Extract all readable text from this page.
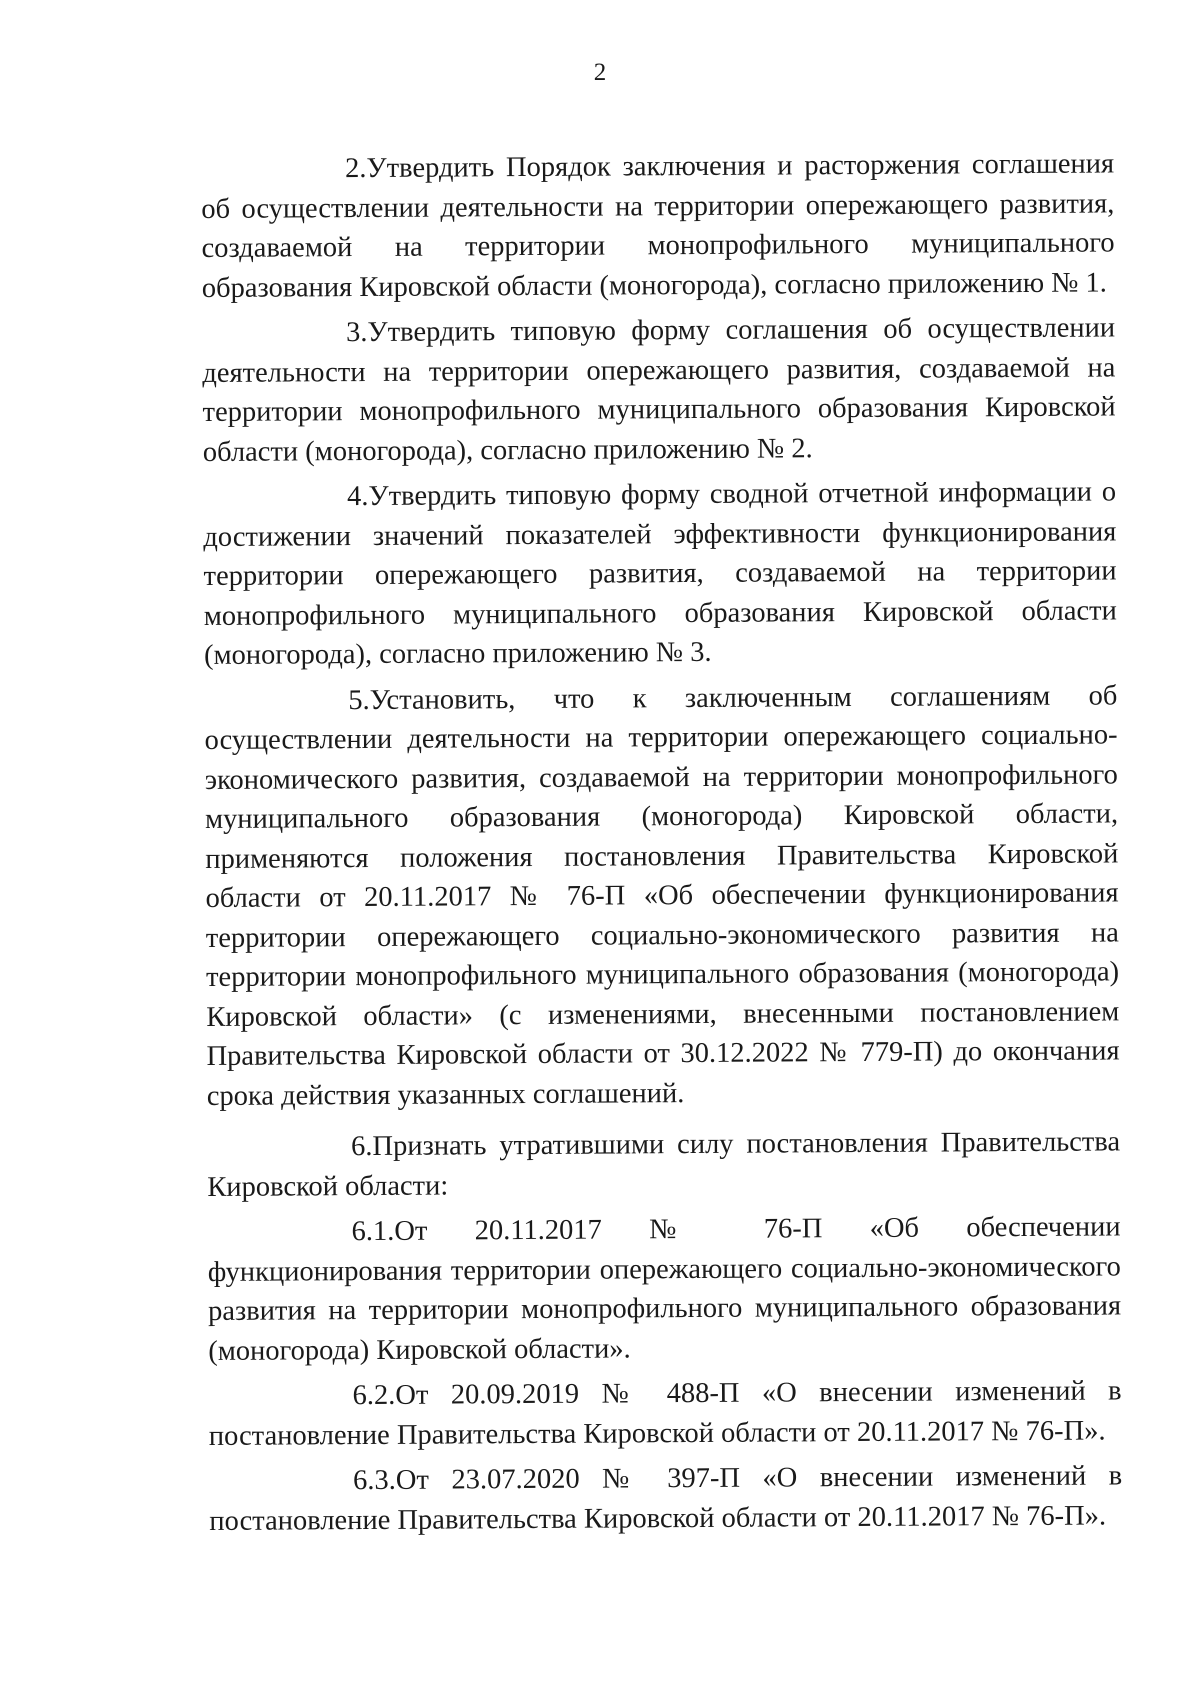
2

2.Утвердить Порядок заключения и расторжения соглашения об осуществлении деятельности на территории опережающего развития, создаваемой на территории монопрофильного муниципального образования Кировской области (моногорода), согласно приложению № 1.

3.Утвердить типовую форму соглашения об осуществлении деятельности на территории опережающего развития, создаваемой на территории монопрофильного муниципального образования Кировской области (моногорода), согласно приложению № 2.

4.Утвердить типовую форму сводной отчетной информации о достижении значений показателей эффективности функционирования территории опережающего развития, создаваемой на территории монопрофильного муниципального образования Кировской области (моногорода), согласно приложению № 3.

5.Установить, что к заключенным соглашениям об осуществлении деятельности на территории опережающего социально-экономического развития, создаваемой на территории монопрофильного муниципального образования (моногорода) Кировской области, применяются положения постановления Правительства Кировской области от 20.11.2017 № 76-П «Об обеспечении функционирования территории опережающего социально-экономического развития на территории монопрофильного муниципального образования (моногорода) Кировской области» (с изменениями, внесенными постановлением Правительства Кировской области от 30.12.2022 № 779-П) до окончания срока действия указанных соглашений.

6.Признать утратившими силу постановления Правительства Кировской области:

6.1.От 20.11.2017 № 76-П «Об обеспечении функционирования территории опережающего социально-экономического развития на территории монопрофильного муниципального образования (моногорода) Кировской области».

6.2.От 20.09.2019 № 488-П «О внесении изменений в постановление Правительства Кировской области от 20.11.2017 № 76-П».

6.3.От 23.07.2020 № 397-П «О внесении изменений в постановление Правительства Кировской области от 20.11.2017 № 76-П».
